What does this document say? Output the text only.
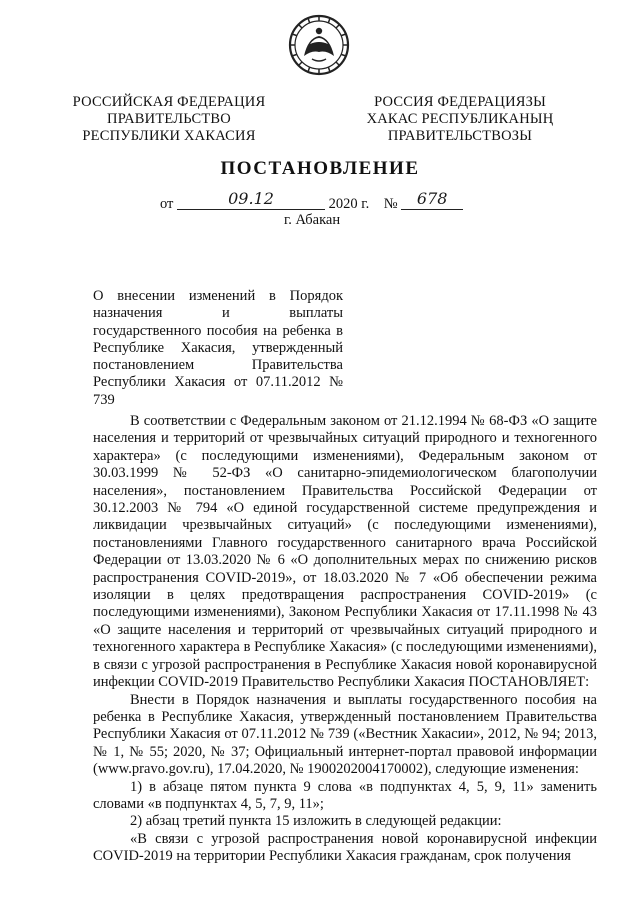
РОССИЙСКАЯ ФЕДЕРАЦИЯ
ПРАВИТЕЛЬСТВО
РЕСПУБЛИКИ ХАКАСИЯ
РОССИЯ ФЕДЕРАЦИЯЗЫ
ХАКАС РЕСПУБЛИКАНЫҢ
ПРАВИТЕЛЬСТВОЗЫ
ПОСТАНОВЛЕНИЕ
от	09.12	2020 г. № 678
г. Абакан
О внесении изменений в Порядок назначения и выплаты государственного пособия на ребенка в Республике Хакасия, утвержденный постановлением Правительства Республики Хакасия от 07.11.2012 № 739

В соответствии с Федеральным законом от 21.12.1994 № 68-ФЗ «О защите населения и территорий от чрезвычайных ситуаций природного и техногенного характера» (с последующими изменениями), Федеральным законом от 30.03.1999 № 52-ФЗ «О санитарно-эпидемиологическом благополучии населения», постановлением Правительства Российской Федерации от 30.12.2003 № 794 «О единой государственной системе предупреждения и ликвидации чрезвычайных ситуаций» (с последующими изменениями), постановлениями Главного государственного санитарного врача Российской Федерации от 13.03.2020 № 6 «О дополнительных мерах по снижению рисков распространения COVID-2019», от 18.03.2020 № 7 «Об обеспечении режима изоляции в целях предотвращения распространения COVID-2019» (с последующими изменениями), Законом Республики Хакасия от 17.11.1998 № 43 «О защите населения и территорий от чрезвычайных ситуаций природного и техногенного характера в Республике Хакасия» (с последующими изменениями), в связи с угрозой распространения в Республике Хакасия новой коронавирусной инфекции COVID-2019 Правительство Республики Хакасия ПОСТАНОВЛЯЕТ:

Внести в Порядок назначения и выплаты государственного пособия на ребенка в Республике Хакасия, утвержденный постановлением Правительства Республики Хакасия от 07.11.2012 № 739 («Вестник Хакасии», 2012, № 94; 2013, № 1, № 55; 2020, № 37; Официальный интернет-портал правовой информации (www.pravo.gov.ru), 17.04.2020, № 1900202004170002), следующие изменения:

1) в абзаце пятом пункта 9 слова «в подпунктах 4, 5, 9, 11» заменить словами «в подпунктах 4, 5, 7, 9, 11»;

2) абзац третий пункта 15 изложить в следующей редакции:

«В связи с угрозой распространения новой коронавирусной инфекции COVID-2019 на территории Республики Хакасия гражданам, срок получения
